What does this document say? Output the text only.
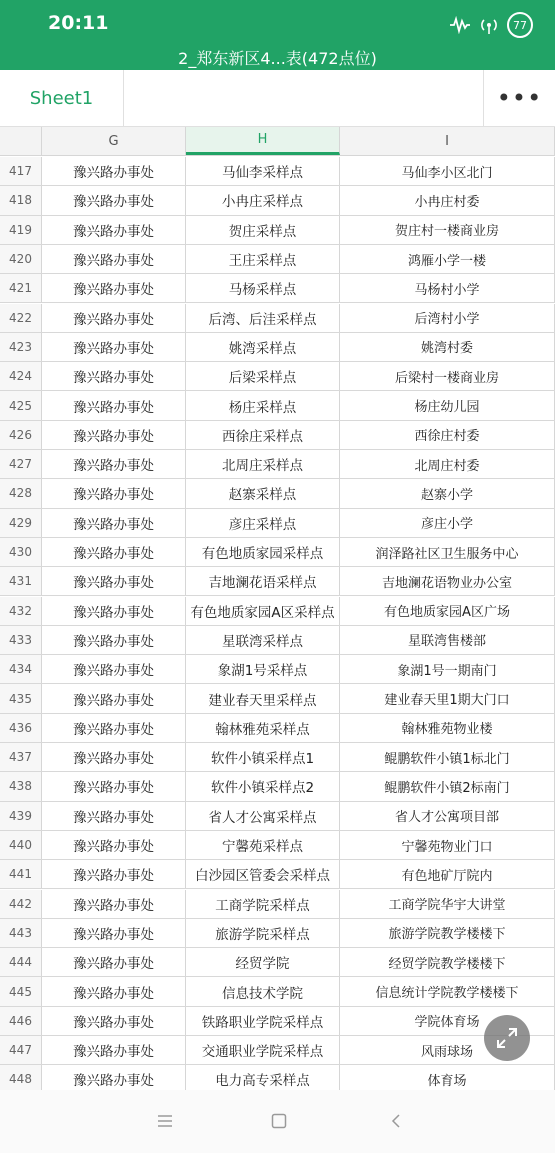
20:11	77
2_郑东新区4...表(472点位)
Sheet1	•••
G	H	I
417	豫兴路办事处	马仙李采样点	马仙李小区北门
418	豫兴路办事处	小冉庄采样点	小冉庄村委
419	豫兴路办事处	贺庄采样点	贺庄村一楼商业房
420	豫兴路办事处	王庄采样点	鸿雁小学一楼
421	豫兴路办事处	马杨采样点	马杨村小学
422	豫兴路办事处	后湾、后洼采样点	后湾村小学
423	豫兴路办事处	姚湾采样点	姚湾村委
424	豫兴路办事处	后梁采样点	后梁村一楼商业房
425	豫兴路办事处	杨庄采样点	杨庄幼儿园
426	豫兴路办事处	西徐庄采样点	西徐庄村委
427	豫兴路办事处	北周庄采样点	北周庄村委
428	豫兴路办事处	赵寨采样点	赵寨小学
429	豫兴路办事处	彦庄采样点	彦庄小学
430	豫兴路办事处	有色地质家园采样点	润泽路社区卫生服务中心
431	豫兴路办事处	吉地澜花语采样点	吉地澜花语物业办公室
432	豫兴路办事处	有色地质家园A区采样点	有色地质家园A区广场
433	豫兴路办事处	星联湾采样点	星联湾售楼部
434	豫兴路办事处	象湖1号采样点	象湖1号一期南门
435	豫兴路办事处	建业春天里采样点	建业春天里1期大门口
436	豫兴路办事处	翰林雅苑采样点	翰林雅苑物业楼
437	豫兴路办事处	软件小镇采样点1	鲲鹏软件小镇1标北门
438	豫兴路办事处	软件小镇采样点2	鲲鹏软件小镇2标南门
439	豫兴路办事处	省人才公寓采样点	省人才公寓项目部
440	豫兴路办事处	宁馨苑采样点	宁馨苑物业门口
441	豫兴路办事处	白沙园区管委会采样点	有色地矿厅院内
442	豫兴路办事处	工商学院采样点	工商学院华宇大讲堂
443	豫兴路办事处	旅游学院采样点	旅游学院教学楼楼下
444	豫兴路办事处	经贸学院	经贸学院教学楼楼下
445	豫兴路办事处	信息技术学院	信息统计学院教学楼楼下
446	豫兴路办事处	铁路职业学院采样点	学院体育场
447	豫兴路办事处	交通职业学院采样点	风雨球场
448	豫兴路办事处	电力高专采样点	体育场
